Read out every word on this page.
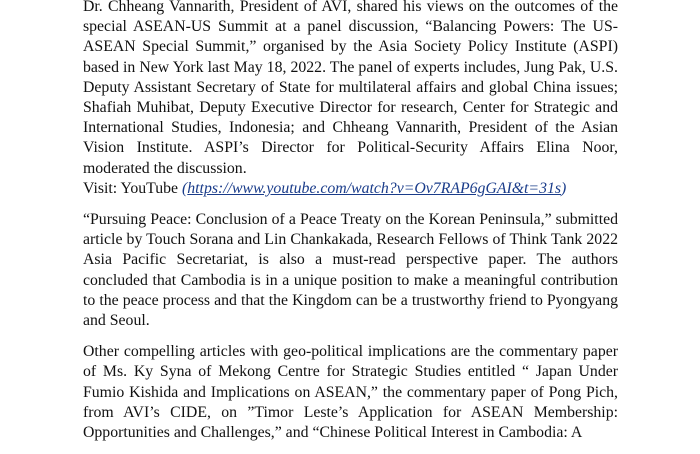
Dr. Chheang Vannarith, President of AVI, shared his views on the outcomes of the special ASEAN-US Summit at a panel discussion, “Balancing Powers: The US-ASEAN Special Summit,” organised by the Asia Society Policy Institute (ASPI) based in New York last May 18, 2022. The panel of experts includes, Jung Pak, U.S. Deputy Assistant Secretary of State for multilateral affairs and global China issues; Shafiah Muhibat, Deputy Executive Director for research, Center for Strategic and International Studies, Indonesia; and Chheang Vannarith, President of the Asian Vision Institute. ASPI’s Director for Political-Security Affairs Elina Noor, moderated the discussion.

Visit: YouTube (https://www.youtube.com/watch?v=Ov7RAP6gGAI&t=31s)

“Pursuing Peace: Conclusion of a Peace Treaty on the Korean Peninsula,” submitted article by Touch Sorana and Lin Chankakada, Research Fellows of Think Tank 2022 Asia Pacific Secretariat, is also a must-read perspective paper. The authors concluded that Cambodia is in a unique position to make a meaningful contribution to the peace process and that the Kingdom can be a trustworthy friend to Pyongyang and Seoul.

Other compelling articles with geo-political implications are the commentary paper of Ms. Ky Syna of Mekong Centre for Strategic Studies entitled “ Japan Under Fumio Kishida and Implications on ASEAN,” the commentary paper of Pong Pich, from AVI’s CIDE, on ”Timor Leste’s Application for ASEAN Membership: Opportunities and Challenges,” and “Chinese Political Interest in Cambodia: A
